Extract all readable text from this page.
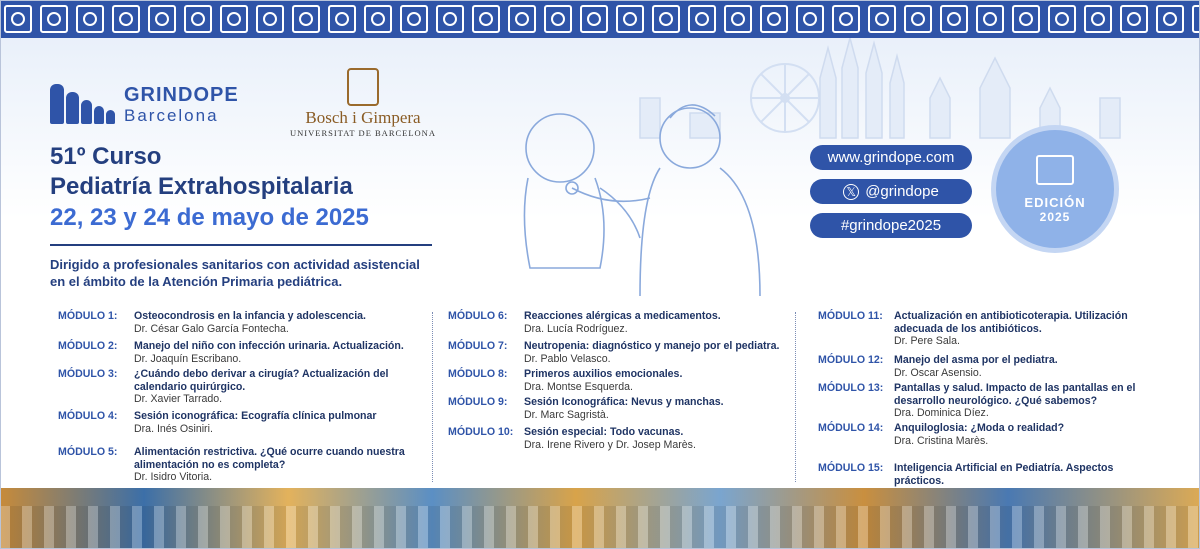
GRINDOPE
Barcelona	Bosch i Gimpera
UNIVERSITAT DE BARCELONA
51º Curso
Pediatría Extrahospitalaria
22, 23 y 24 de mayo de 2025
Dirigido a profesionales sanitarios con actividad asistencial
en el ámbito de la Atención Primaria pediátrica.
www.grindope.com
𝕏 @grindope
#grindope2025
EDICIÓN
2025
MÓDULO 1:	Osteocondrosis en la infancia y adolescencia.
Dr. César Galo García Fontecha.
MÓDULO 2:	Manejo del niño con infección urinaria. Actualización.
Dr. Joaquín Escribano.
MÓDULO 3:	¿Cuándo debo derivar a cirugía? Actualización del calendario quirúrgico.
Dr. Xavier Tarrado.
MÓDULO 4:	Sesión iconográfica: Ecografía clínica pulmonar
Dra. Inés Osiniri.
MÓDULO 5:	Alimentación restrictiva. ¿Qué ocurre cuando nuestra alimentación no es completa?
Dr. Isidro Vitoria.
MÓDULO 6:	Reacciones alérgicas a medicamentos.
Dra. Lucía Rodríguez.
MÓDULO 7:	Neutropenia: diagnóstico y manejo por el pediatra.
Dr. Pablo Velasco.
MÓDULO 8:	Primeros auxilios emocionales.
Dra. Montse Esquerda.
MÓDULO 9:	Sesión Iconográfica: Nevus y manchas.
Dr. Marc Sagristà.
MÓDULO 10:	Sesión especial: Todo vacunas.
Dra. Irene Rivero y Dr. Josep Marès.
MÓDULO 11:	Actualización en antibioticoterapia. Utilización adecuada de los antibióticos.
Dr. Pere Sala.
MÓDULO 12:	Manejo del asma por el pediatra.
Dr. Oscar Asensio.
MÓDULO 13:	Pantallas y salud. Impacto de las pantallas en el desarrollo neurológico. ¿Qué sabemos?
Dra. Dominica Díez.
MÓDULO 14:	Anquiloglosia: ¿Moda o realidad?
Dra. Cristina Marès.
MÓDULO 15:	Inteligencia Artificial en Pediatría. Aspectos prácticos.
